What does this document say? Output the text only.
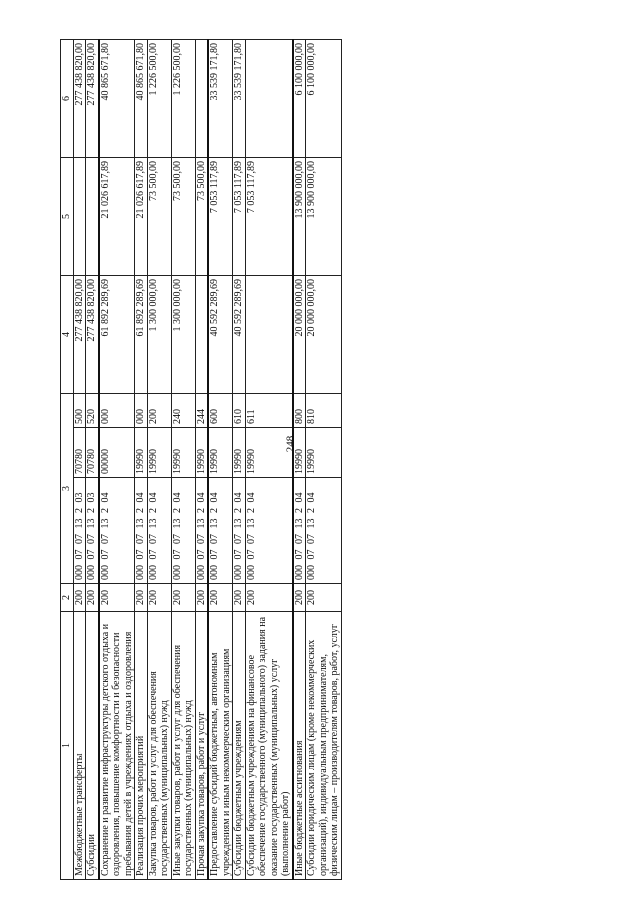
248
1	2	3			4	5	6
Межбюджетные трансферты	200	000 07 07 13 2 03	70780	500	277 438 820,00		277 438 820,00
Субсидии	200	000 07 07 13 2 03	70780	520	277 438 820,00		277 438 820,00
Сохранение и развитие инфраструктуры детского отдыха и оздоровления, повышение комфортности и безопасности пребывания детей в учреждениях отдыха и оздоровления	200	000 07 07 13 2 04	00000	000	61 892 289,69	21 026 617,89	40 865 671,80
Реализация прочих мероприятий	200	000 07 07 13 2 04	19990	000	61 892 289,69	21 026 617,89	40 865 671,80
Закупка товаров, работ и услуг для обеспечения государственных (муниципальных) нужд	200	000 07 07 13 2 04	19990	200	1 300 000,00	73 500,00	1 226 500,00
Иные закупки товаров, работ и услуг для обеспечения государственных (муниципальных) нужд	200	000 07 07 13 2 04	19990	240	1 300 000,00	73 500,00	1 226 500,00
Прочая закупка товаров, работ и услуг	200	000 07 07 13 2 04	19990	244		73 500,00	
Предоставление субсидий бюджетным, автономным учреждениям и иным некоммерческим организациям	200	000 07 07 13 2 04	19990	600	40 592 289,69	7 053 117,89	33 539 171,80
Субсидии бюджетным учреждениям	200	000 07 07 13 2 04	19990	610	40 592 289,69	7 053 117,89	33 539 171,80
Субсидии бюджетным учреждениям на финансовое обеспечение государственного (муниципального) задания на оказание государственных (муниципальных) услуг (выполнение работ)	200	000 07 07 13 2 04	19990	611		7 053 117,89	
Иные бюджетные ассигнования	200	000 07 07 13 2 04	19990	800	20 000 000,00	13 900 000,00	6 100 000,00
Субсидии юридическим лицам (кроме некоммерческих организаций), индивидуальным предпринимателям, физическим лицам – производителям товаров, работ, услуг	200	000 07 07 13 2 04	19990	810	20 000 000,00	13 900 000,00	6 100 000,00
